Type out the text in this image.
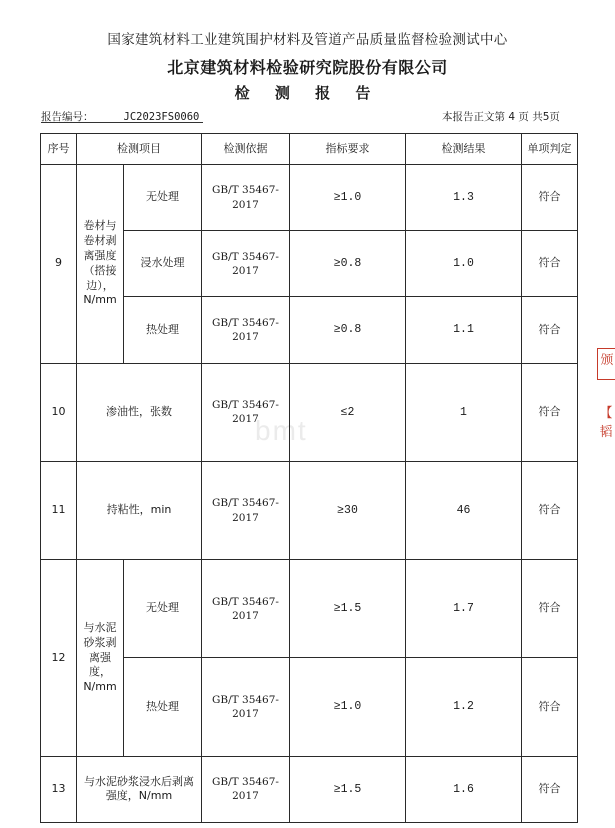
国家建筑材料工业建筑围护材料及管道产品质量监督检验测试中心
北京建筑材料检验研究院股份有限公司
检 测 报 告
报告编号：	JC2023FS0060	本报告正文第 4 页 共5页
bmt
序号	检测项目		检测依据	指标要求	检测结果	单项判定
9	卷材与卷材剥离强度（搭接边），N/mm	无处理	GB/T 35467-2017	≥1.0	1.3	符合
		浸水处理	GB/T 35467-2017	≥0.8	1.0	符合
		热处理	GB/T 35467-2017	≥0.8	1.1	符合
10	渗油性，张数		GB/T 35467-2017	≤2	1	符合
11	持粘性，min		GB/T 35467-2017	≥30	46	符合
12	与水泥砂浆剥离强度，N/mm	无处理	GB/T 35467-2017	≥1.5	1.7	符合
		热处理	GB/T 35467-2017	≥1.0	1.2	符合
13	与水泥砂浆浸水后剥离强度，N/mm		GB/T 35467-2017	≥1.5	1.6	符合
颁
【 韬
